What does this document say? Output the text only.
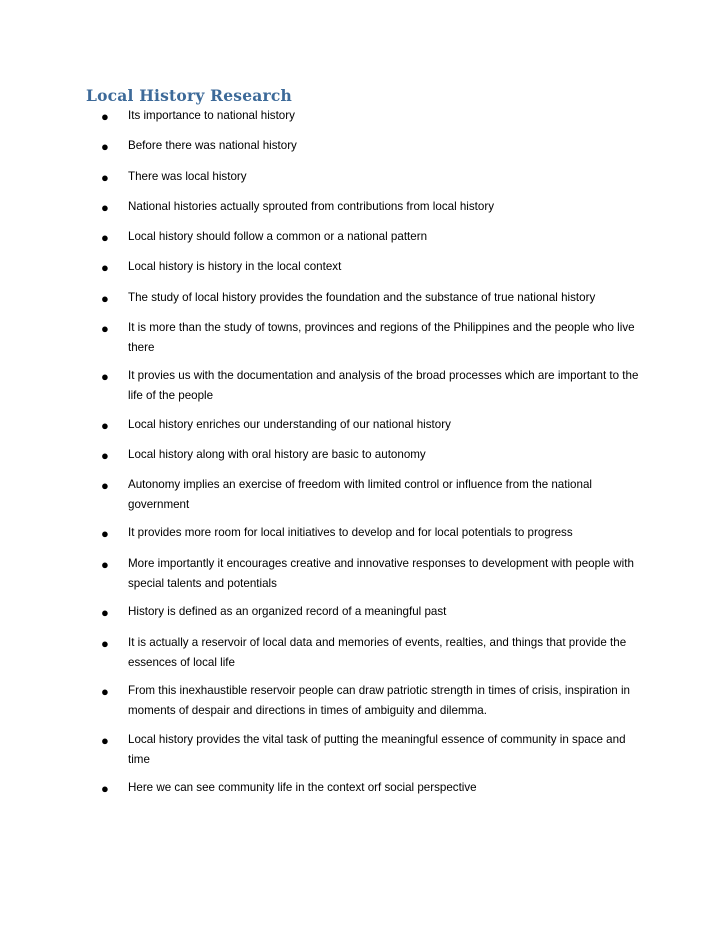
Local History Research
● Its importance to national history
● Before there was national history
● There was local history
● National histories actually sprouted from contributions from local history
● Local history should follow a common or a national pattern
● Local history is history in the local context
● The study of local history provides the foundation and the substance of true national history
● It is more than the study of towns, provinces and regions of the Philippines and the people who live there
● It provies us with the documentation and analysis of the broad processes which are important to the life of the people
● Local history enriches our understanding of our national history
● Local history along with oral history are basic to autonomy
● Autonomy implies an exercise of freedom with limited control or influence from the national government
● It provides more room for local initiatives to develop and for local potentials to progress
● More importantly it encourages creative and innovative responses to development with people with special talents and potentials
● History is defined as an organized record of a meaningful past
● It is actually a reservoir of local data and memories of events, realties, and things that provide the essences of local life
● From this inexhaustible reservoir people can draw patriotic strength in times of crisis, inspiration in moments of despair and directions in times of ambiguity and dilemma.
● Local history provides the vital task of putting the meaningful essence of community in space and time
● Here we can see community life in the context orf social perspective
